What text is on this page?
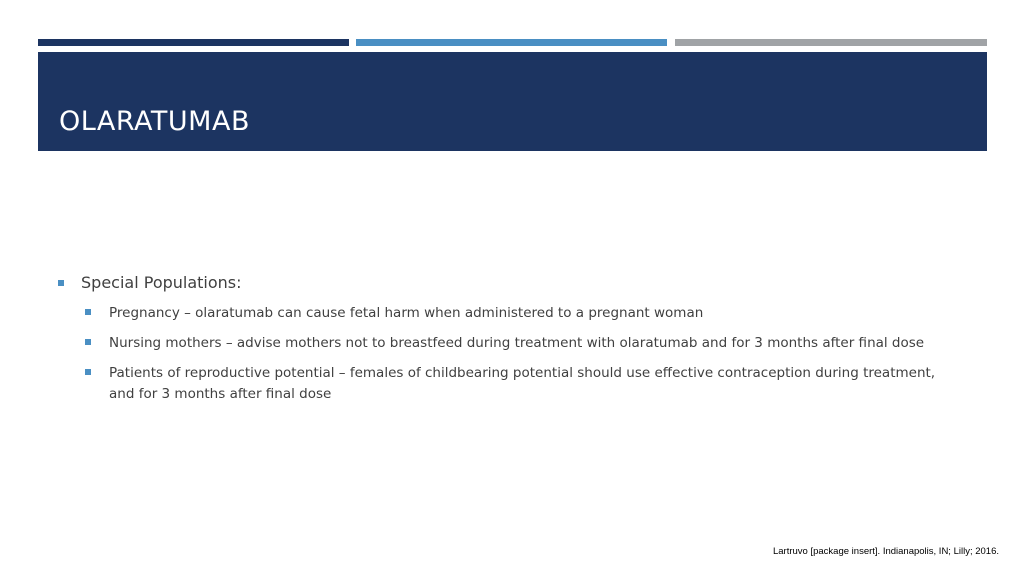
OLARATUMAB
Special Populations:
Pregnancy – olaratumab can cause fetal harm when administered to a pregnant woman
Nursing mothers – advise mothers not to breastfeed during treatment with olaratumab and for 3 months after final dose
Patients of reproductive potential – females of childbearing potential should use effective contraception during treatment, and for 3 months after final dose
Lartruvo [package insert]. Indianapolis, IN; Lilly; 2016.
